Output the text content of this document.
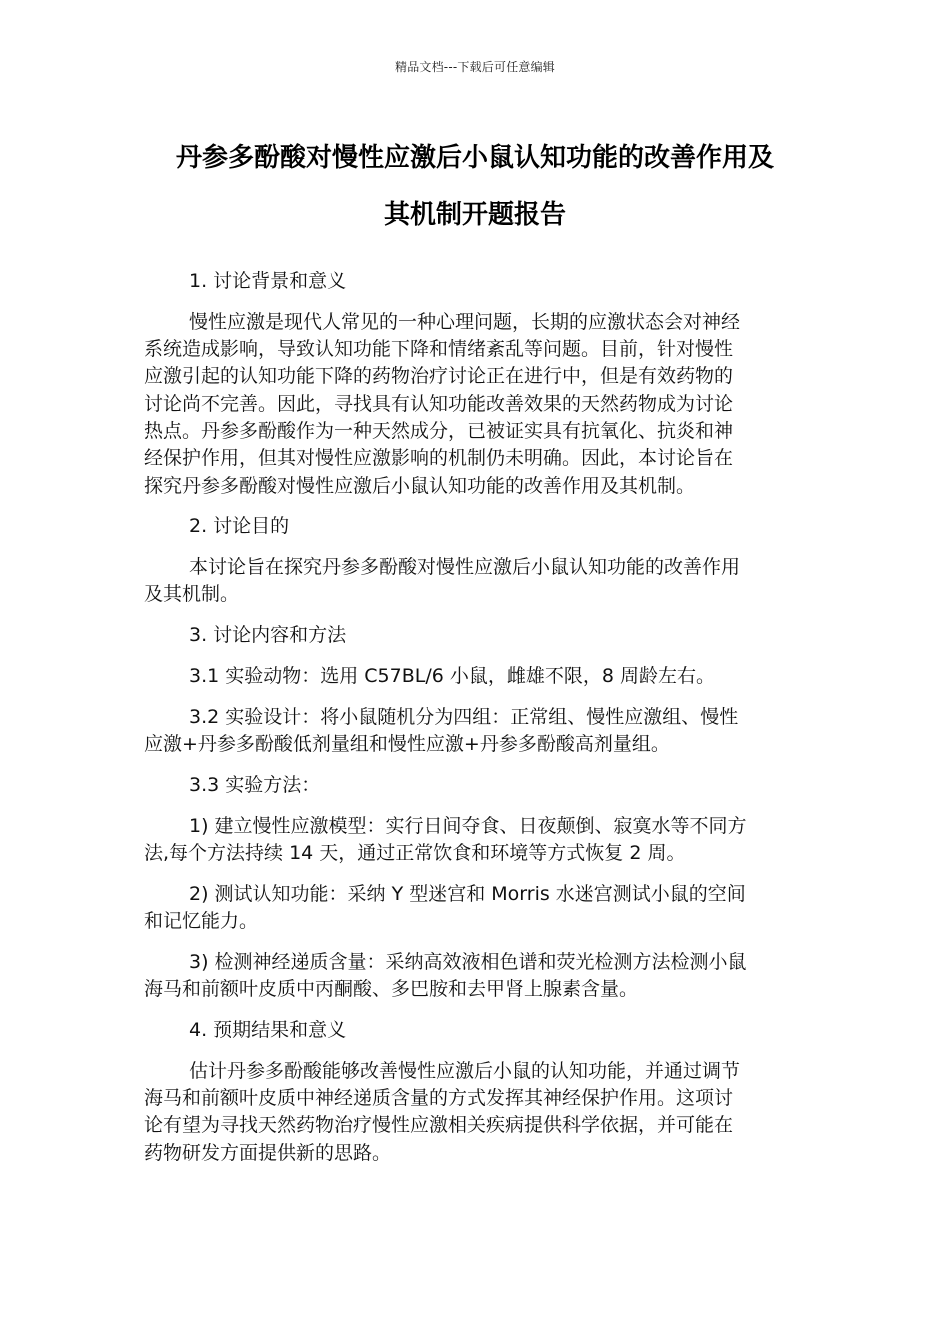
精品文档---下载后可任意编辑
丹参多酚酸对慢性应激后小鼠认知功能的改善作用及
其机制开题报告
1. 讨论背景和意义
慢性应激是现代人常见的一种心理问题，长期的应激状态会对神经
系统造成影响，导致认知功能下降和情绪紊乱等问题。目前，针对慢性
应激引起的认知功能下降的药物治疗讨论正在进行中，但是有效药物的
讨论尚不完善。因此，寻找具有认知功能改善效果的天然药物成为讨论
热点。丹参多酚酸作为一种天然成分，已被证实具有抗氧化、抗炎和神
经保护作用，但其对慢性应激影响的机制仍未明确。因此，本讨论旨在
探究丹参多酚酸对慢性应激后小鼠认知功能的改善作用及其机制。
2. 讨论目的
本讨论旨在探究丹参多酚酸对慢性应激后小鼠认知功能的改善作用
及其机制。
3. 讨论内容和方法
3.1 实验动物：选用 C57BL/6 小鼠，雌雄不限，8 周龄左右。
3.2 实验设计：将小鼠随机分为四组：正常组、慢性应激组、慢性
应激+丹参多酚酸低剂量组和慢性应激+丹参多酚酸高剂量组。
3.3 实验方法：
1) 建立慢性应激模型：实行日间夺食、日夜颠倒、寂寞水等不同方
法,每个方法持续 14 天，通过正常饮食和环境等方式恢复 2 周。
2) 测试认知功能：采纳 Y 型迷宫和 Morris 水迷宫测试小鼠的空间
和记忆能力。
3) 检测神经递质含量：采纳高效液相色谱和荧光检测方法检测小鼠
海马和前额叶皮质中丙酮酸、多巴胺和去甲肾上腺素含量。
4. 预期结果和意义
估计丹参多酚酸能够改善慢性应激后小鼠的认知功能，并通过调节
海马和前额叶皮质中神经递质含量的方式发挥其神经保护作用。这项讨
论有望为寻找天然药物治疗慢性应激相关疾病提供科学依据，并可能在
药物研发方面提供新的思路。
